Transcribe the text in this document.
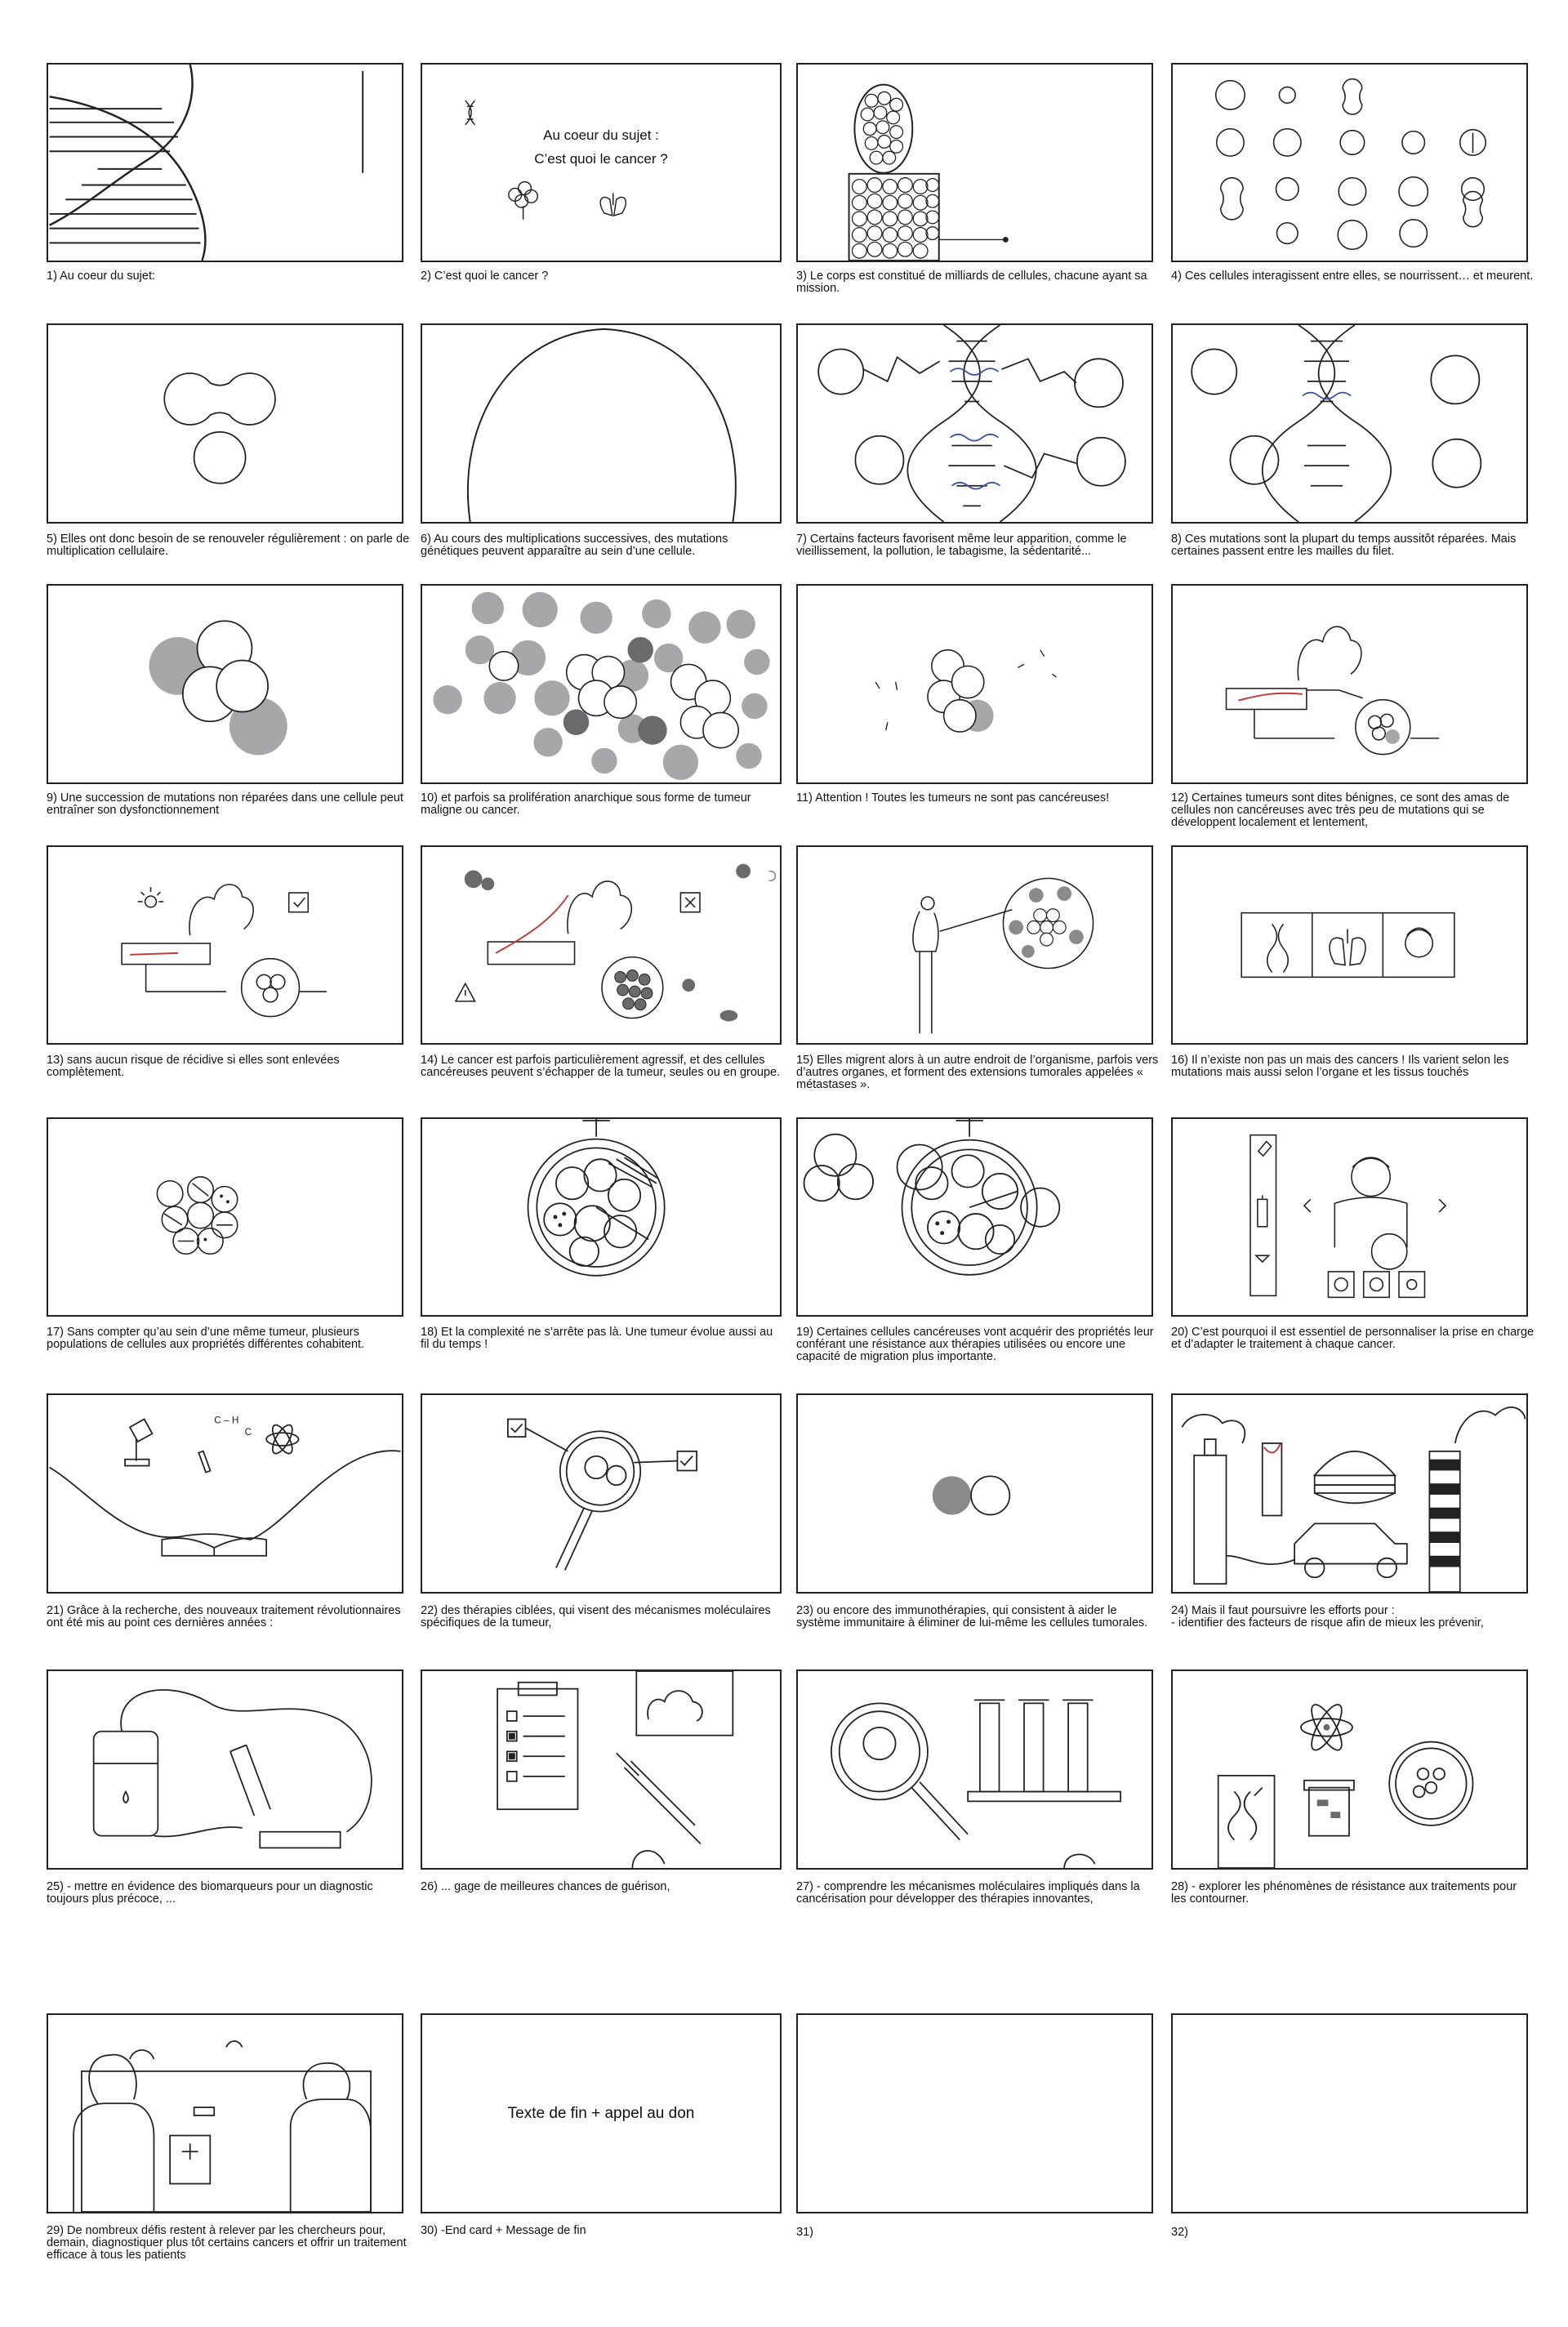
1) Au coeur du sujet:
Au coeur du sujet :
C’est quoi le cancer ?
2) C’est quoi le cancer ?	3) Le corps est constitué de milliards de cellules, chacune ayant sa mission.
4) Ces cellules interagissent entre elles, se nourrissent… et meurent.
5) Elles ont donc besoin de se renouveler régulièrement : on parle de multiplication cellulaire.
6) Au cours des multiplications successives, des mutations génétiques peuvent apparaître au sein d’une cellule.
7) Certains facteurs favorisent même leur apparition, comme le vieillissement, la pollution, le tabagisme, la sédentarité...
8) Ces mutations sont la plupart du temps aussitôt réparées. Mais certaines passent entre les mailles du filet.
9) Une succession de mutations non réparées dans une cellule peut entraîner son dysfonctionnement
10) et parfois sa prolifération anarchique sous forme de tumeur maligne ou cancer.
11) Attention ! Toutes les tumeurs ne sont pas cancéreuses!	12) Certaines tumeurs sont dites bénignes, ce sont des amas de cellules non cancéreuses avec très peu de mutations qui se développent localement et lentement,
13) sans aucun risque de récidive si elles sont enlevées complètement.
14) Le cancer est parfois particulièrement agressif, et des cellules cancéreuses peuvent s’échapper de la tumeur, seules ou en groupe.
15) Elles migrent alors à un autre endroit de l’organisme, parfois vers d’autres organes, et forment des extensions tumorales appelées « métastases ».
16) Il n’existe non pas un mais des cancers ! Ils varient selon les mutations mais aussi selon l’organe et les tissus touchés
17) Sans compter qu’au sein d’une même tumeur, plusieurs populations de cellules aux propriétés différentes cohabitent.
18) Et la complexité ne s’arrête pas là. Une tumeur évolue aussi au fil du temps !
19) Certaines cellules cancéreuses vont acquérir des propriétés leur conférant une résistance aux thérapies utilisées ou encore une capacité de migration plus importante.
20) C’est pourquoi il est essentiel de personnaliser la prise en charge et d’adapter le traitement à chaque cancer.
C – H
C
21) Grâce à la recherche, des nouveaux traitement révolutionnaires ont été mis au point ces dernières années :
22) des thérapies ciblées, qui visent des mécanismes moléculaires spécifiques de la tumeur,
23) ou encore des immunothérapies, qui consistent à aider le système immunitaire à éliminer de lui-même les cellules tumorales.
24) Mais il faut poursuivre les efforts pour :
- identifier des facteurs de risque afin de mieux les prévenir,
25) - mettre en évidence des biomarqueurs pour un diagnostic toujours plus précoce, ...
26) ... gage de meilleures chances de guérison,	27) - comprendre les mécanismes moléculaires impliqués dans la cancérisation pour développer des thérapies innovantes,
28) - explorer les phénomènes de résistance aux traitements pour les contourner.
29) De nombreux défis restent à relever par les chercheurs pour, demain, diagnostiquer plus tôt certains cancers et offrir un traitement efficace à tous les patients
Texte de fin + appel au don
30) -End card + Message de fin	31)	32)
